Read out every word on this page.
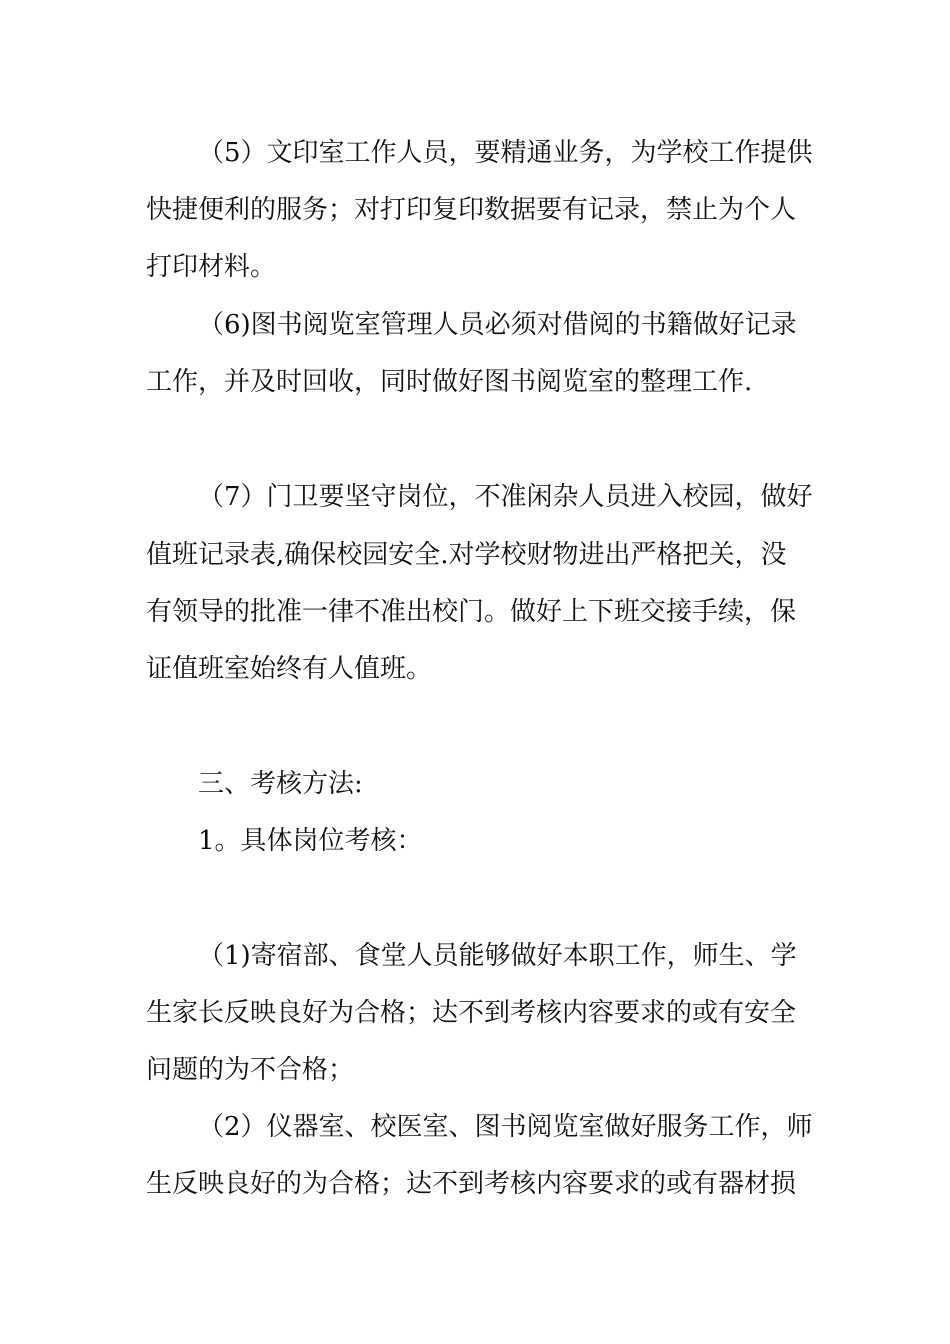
（5）文印室工作人员，要精通业务，为学校工作提供
快捷便利的服务；对打印复印数据要有记录，禁止为个人
打印材料。
（6)图书阅览室管理人员必须对借阅的书籍做好记录
工作，并及时回收，同时做好图书阅览室的整理工作.
（7）门卫要坚守岗位，不准闲杂人员进入校园，做好
值班记录表,确保校园安全.对学校财物进出严格把关，没
有领导的批准一律不准出校门。做好上下班交接手续，保
证值班室始终有人值班。
三、考核方法:
1。具体岗位考核：
（1)寄宿部、食堂人员能够做好本职工作，师生、学
生家长反映良好为合格；达不到考核内容要求的或有安全
问题的为不合格；
（2）仪器室、校医室、图书阅览室做好服务工作，师
生反映良好的为合格；达不到考核内容要求的或有器材损
